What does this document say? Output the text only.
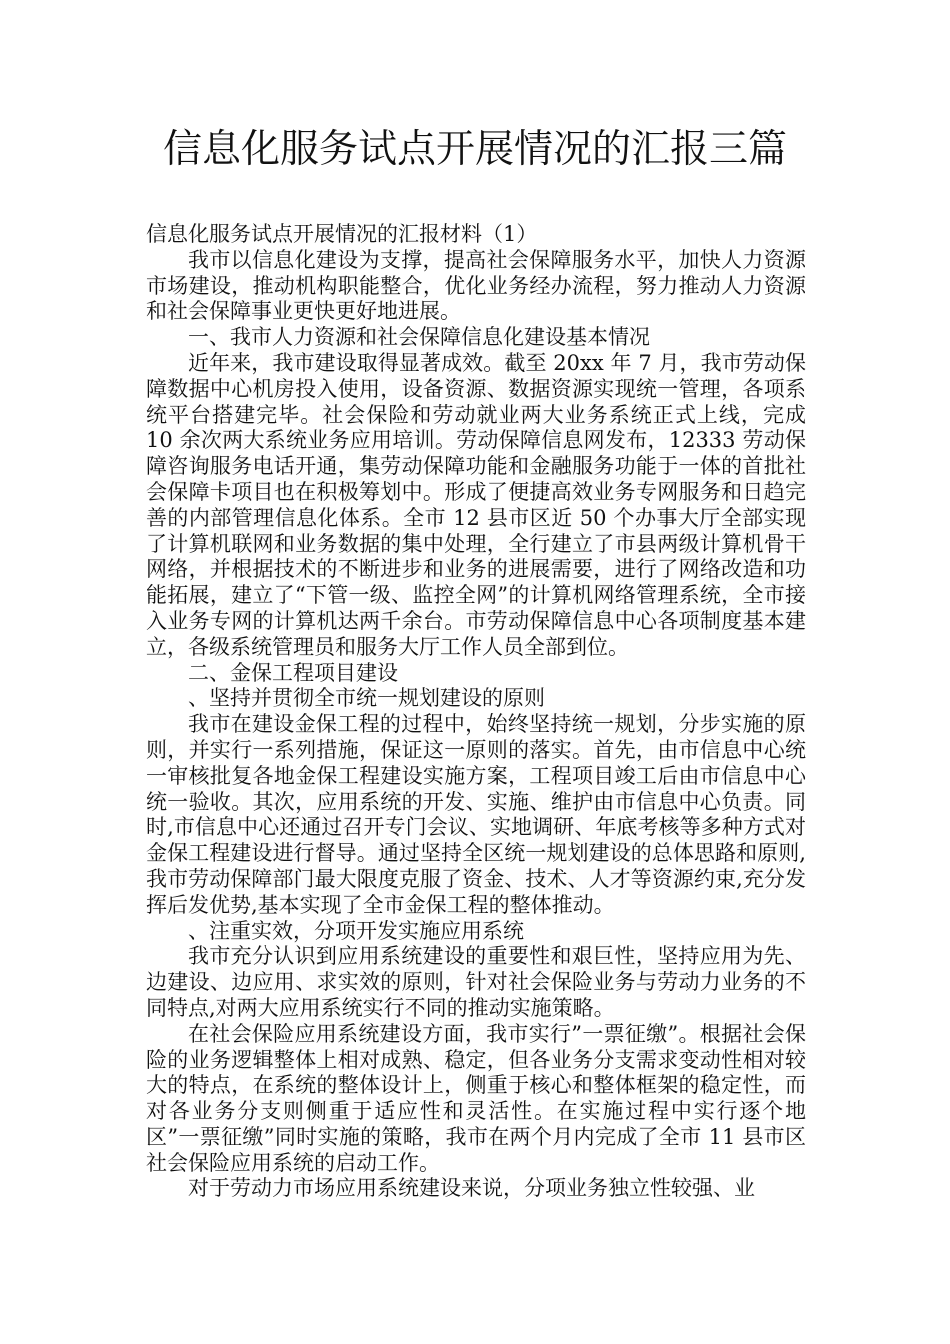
信息化服务试点开展情况的汇报三篇

信息化服务试点开展情况的汇报材料（1）

我市以信息化建设为支撑，提高社会保障服务水平，加快人力资源市场建设，推动机构职能整合，优化业务经办流程，努力推动人力资源和社会保障事业更快更好地进展。

一、我市人力资源和社会保障信息化建设基本情况

近年来，我市建设取得显著成效。截至 20xx 年 7 月，我市劳动保障数据中心机房投入使用，设备资源、数据资源实现统一管理，各项系统平台搭建完毕。社会保险和劳动就业两大业务系统正式上线，完成 10 余次两大系统业务应用培训。劳动保障信息网发布，12333 劳动保障咨询服务电话开通，集劳动保障功能和金融服务功能于一体的首批社会保障卡项目也在积极筹划中。形成了便捷高效业务专网服务和日趋完善的内部管理信息化体系。全市 12 县市区近 50 个办事大厅全部实现了计算机联网和业务数据的集中处理，全行建立了市县两级计算机骨干网络，并根据技术的不断进步和业务的进展需要，进行了网络改造和功能拓展，建立了“下管一级、监控全网”的计算机网络管理系统，全市接入业务专网的计算机达两千余台。市劳动保障信息中心各项制度基本建立，各级系统管理员和服务大厅工作人员全部到位。

二、金保工程项目建设

、坚持并贯彻全市统一规划建设的原则

我市在建设金保工程的过程中，始终坚持统一规划，分步实施的原则，并实行一系列措施，保证这一原则的落实。首先，由市信息中心统一审核批复各地金保工程建设实施方案，工程项目竣工后由市信息中心统一验收。其次，应用系统的开发、实施、维护由市信息中心负责。同时,市信息中心还通过召开专门会议、实地调研、年底考核等多种方式对金保工程建设进行督导。通过坚持全区统一规划建设的总体思路和原则,我市劳动保障部门最大限度克服了资金、技术、人才等资源约束,充分发挥后发优势,基本实现了全市金保工程的整体推动。

、注重实效，分项开发实施应用系统

我市充分认识到应用系统建设的重要性和艰巨性，坚持应用为先、边建设、边应用、求实效的原则，针对社会保险业务与劳动力业务的不同特点,对两大应用系统实行不同的推动实施策略。

在社会保险应用系统建设方面，我市实行”一票征缴”。根据社会保险的业务逻辑整体上相对成熟、稳定，但各业务分支需求变动性相对较大的特点，在系统的整体设计上，侧重于核心和整体框架的稳定性，而对各业务分支则侧重于适应性和灵活性。在实施过程中实行逐个地区”一票征缴”同时实施的策略，我市在两个月内完成了全市 11 县市区社会保险应用系统的启动工作。

对于劳动力市场应用系统建设来说，分项业务独立性较强、业
